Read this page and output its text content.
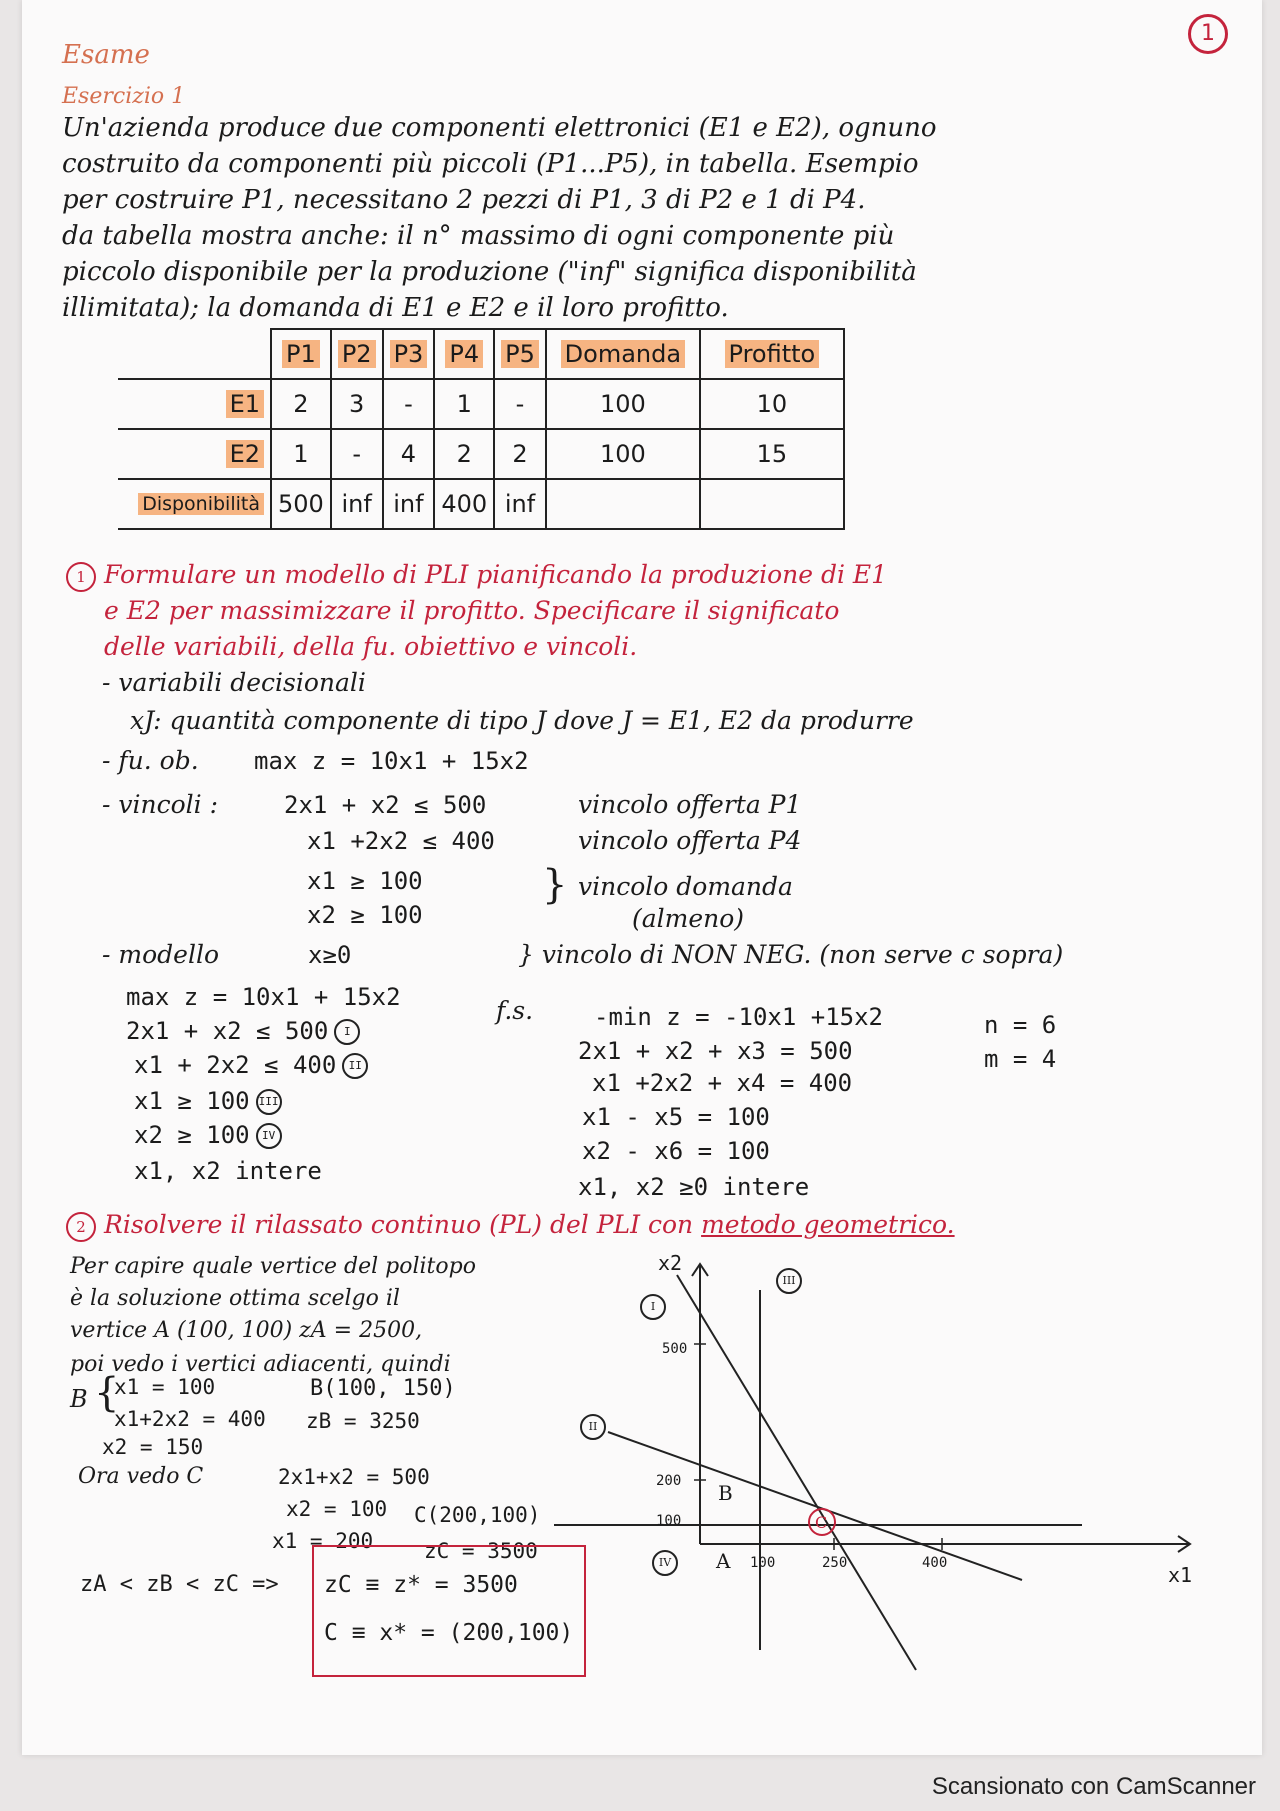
1
Esame
Esercizio 1
Un'azienda produce due componenti elettronici (E1 e E2), ognuno
costruito da componenti più piccoli (P1...P5), in tabella. Esempio
per costruire P1, necessitano 2 pezzi di P1, 3 di P2 e 1 di P4.
da tabella mostra anche: il n° massimo di ogni componente più
piccolo disponibile per la produzione ("inf" significa disponibilità
illimitata); la domanda di E1 e E2 e il loro profitto.
	P1	P2	P3	P4	P5	Domanda	Profitto
E1	2	3	-	1	-	100	10
E2	1	-	4	2	2	100	15
Disponibilità	500	inf	inf	400	inf		
1 Formulare un modello di PLI pianificando la produzione di E1
e E2 per massimizzare il profitto. Specificare il significato
delle variabili, della fu. obiettivo e vincoli.
- variabili decisionali
xJ: quantità componente di tipo J dove J = E1, E2 da produrre
- fu. ob. max z = 10x1 + 15x2
- vincoli :	2x1 + x2 ≤ 500	vincolo offerta P1
x1 +2x2 ≤ 400	vincolo offerta P4
x1 ≥ 100
x2 ≥ 100
} vincolo domanda
(almeno)
- modello	x≥0	} vincolo di NON NEG. (non serve c sopra)
max z = 10x1 + 15x2
2x1 + x2 ≤ 500 I
x1 + 2x2 ≤ 400 II
x1 ≥ 100 III
x2 ≥ 100 IV
x1, x2 intere
f.s.	-min z = -10x1 +15x2
2x1 + x2 + x3 = 500
x1 +2x2 + x4 = 400
x1 - x5 = 100
x2 - x6 = 100
x1, x2 ≥0 intere
n = 6
m = 4
2 Risolvere il rilassato continuo (PL) del PLI con metodo geometrico.
Per capire quale vertice del politopo
è la soluzione ottima scelgo il
vertice A (100, 100) zA = 2500,
poi vedo i vertici adiacenti, quindi
B {
x1 = 100
x1+2x2 = 400
x2 = 150
B(100, 150)
zB = 3250
Ora vedo C	2x1+x2 = 500
x2 = 100
x1 = 200
C(200,100)
zC = 3500
zA < zB < zC => zC ≡ z* = 3500
C ≡ x* = (200,100)
x2
x1
500
200
100
100	250	400
III
I
II
IV	A
B
C
Scansionato con CamScanner
